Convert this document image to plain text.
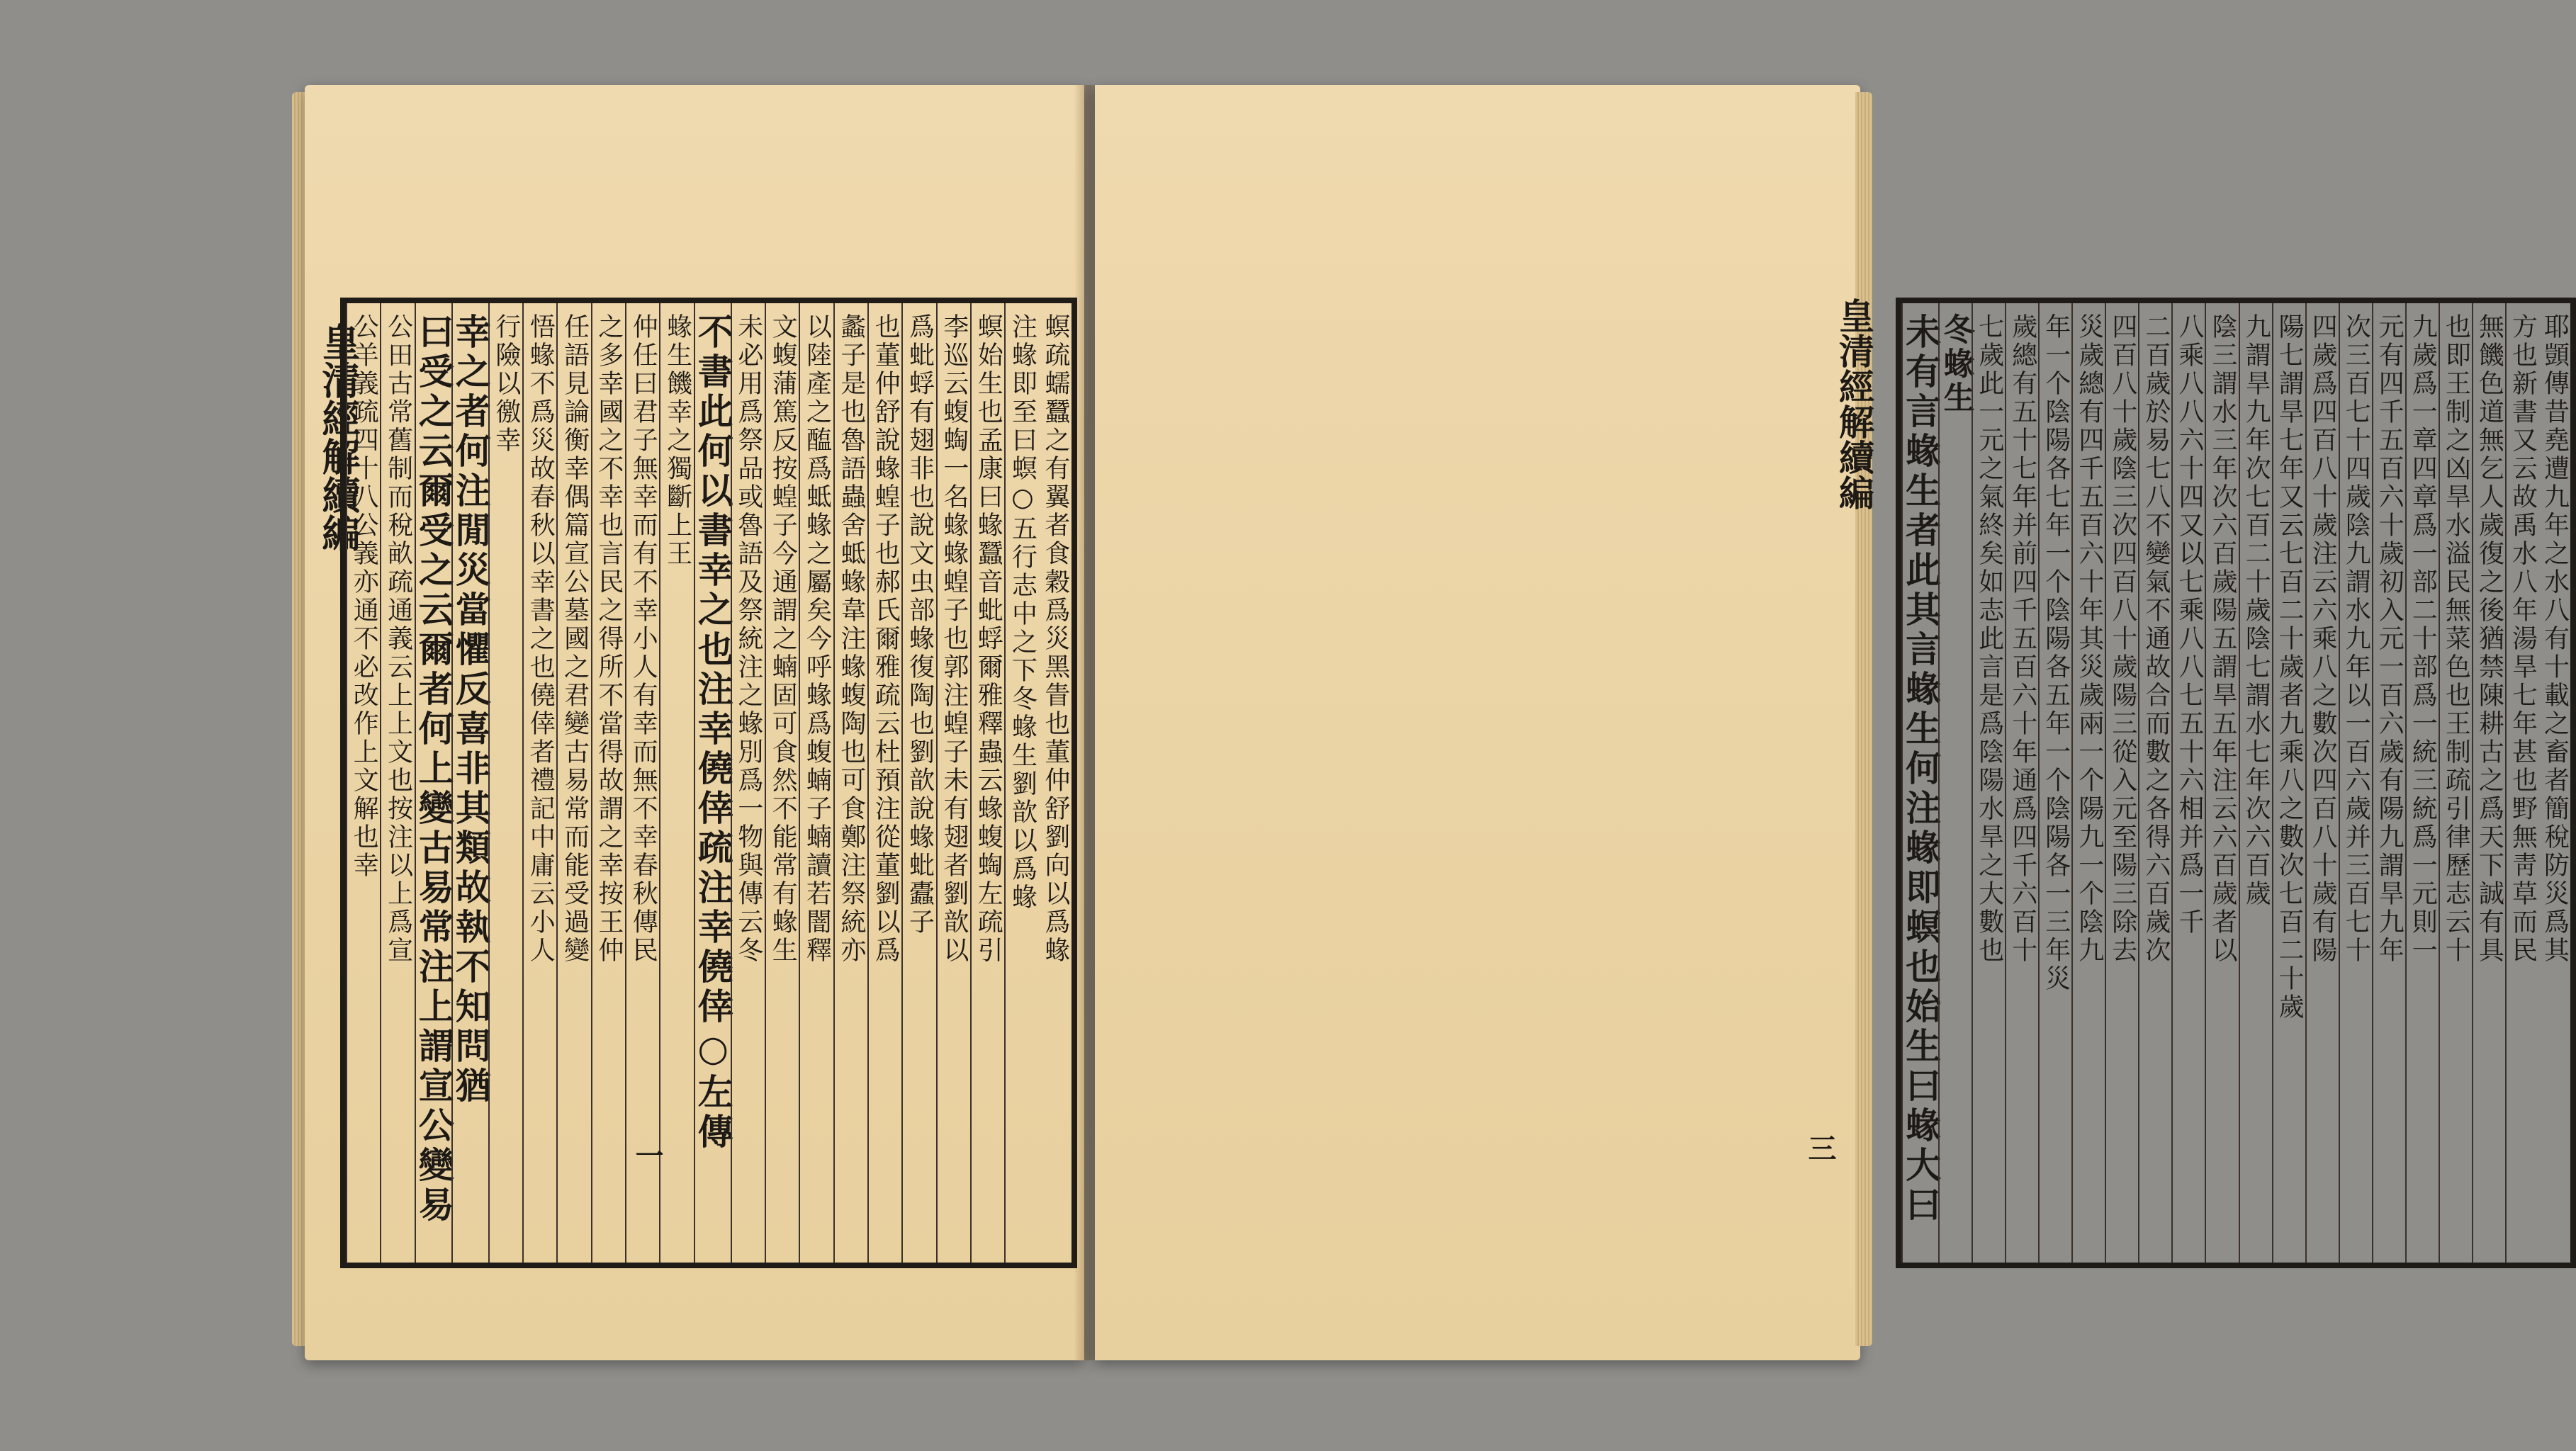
皇清經解續編	螟疏蠕蠶之有翼者食穀爲災黑眚也董仲舒劉向以爲蝝
注蝝即至曰螟○五行志中之下冬蝝生劉歆以爲蝝
螟始生也孟康曰蝝蠶音蚍蜉爾雅釋蟲云蝝蝮蜪左疏引
李巡云蝮蜪一名蝝蝝蝗子也郭注蝗子未有翅者劉歆以
爲蚍蜉有翅非也說文虫部蝝復陶也劉歆說蝝蚍蠹子
也董仲舒說蝝蝗子也郝氏爾雅疏云杜預注從董劉以爲
蠡子是也魯語蟲舍蚳蝝韋注蝝蝮陶也可食鄭注祭統亦
以陸產之醢爲蚳蝝之屬矣今呼蝝爲蝮蝻子蝻讀若闇釋
文蝮蒲篤反按蝗子今通謂之蝻固可食然不能常有蝝生
未必用爲祭品或魯語及祭統注之蝝別爲一物與傳云冬
不書此何以書幸之也注幸僥倖疏注幸僥倖○左傳
蝝生饑幸之獨斷上王
仲任曰君子無幸而有不幸小人有幸而無不幸春秋傳民
之多幸國之不幸也言民之得所不當得故謂之幸按王仲
任語見論衡幸偶篇宣公墓國之君變古易常而能受過變
悟蝝不爲災故春秋以幸書之也僥倖者禮記中庸云小人
行險以徼幸
幸之者何注閒災當懼反喜非其類故執不知問猶
曰受之云爾受之云爾者何上變古易常注上謂宣公變易
公田古常舊制而稅畝疏通義云上上文也按注以上爲宣
公羊義疏四十八公義亦通不必改作上文解也幸
一
耶顗傳昔堯遭九年之水八有十載之畜者簡稅防災爲其
方也新書又云故禹水八年湯旱七年甚也野無靑草而民
無饑色道無乞人歲復之後猶禁陳耕古之爲天下誠有具
也即王制之凶旱水溢民無菜色也王制疏引律歷志云十
九歲爲一章四章爲一部二十部爲一統三統爲一元則一
元有四千五百六十歲初入元一百六歲有陽九謂旱九年
次三百七十四歲陰九謂水九年以一百六歲并三百七十
四歲爲四百八十歲注云六乘八之數次四百八十歲有陽
陽七謂旱七年又云七百二十歲者九乘八之數次七百二十歲
九謂旱九年次七百二十歲陰七謂水七年次六百歲
陰三謂水三年次六百歲陽五謂旱五年注云六百歲者以
八乘八八六十四又以七乘八八七五十六相并爲一千
二百歲於易七八不變氣不通故合而數之各得六百歲次
四百八十歲陰三次四百八十歲陽三從入元至陽三除去
災歲總有四千五百六十年其災歲兩一个陽九一个陰九
年一个陰陽各七年一个陰陽各五年一个陰陽各一三年災
歲總有五十七年并前四千五百六十年通爲四千六百十
七歲此一元之氣終矣如志此言是爲陰陽水旱之大數也
冬蝝生
未有言蝝生者此其言蝝生何注蝝即螟也始生曰蝝大曰
皇清經解續編
三
